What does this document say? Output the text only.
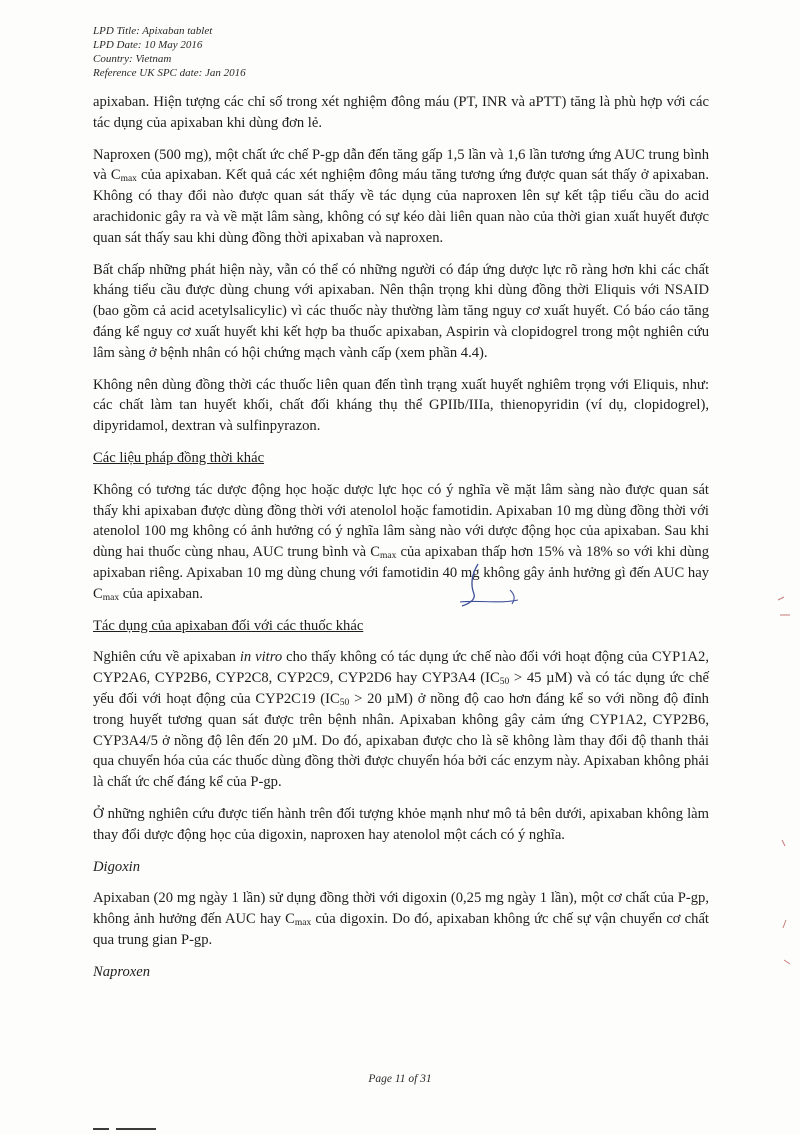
LPD Title: Apixaban tablet
LPD Date: 10 May 2016
Country: Vietnam
Reference UK SPC date: Jan 2016

apixaban. Hiện tượng các chỉ số trong xét nghiệm đông máu (PT, INR và aPTT) tăng là phù hợp với các tác dụng của apixaban khi dùng đơn lẻ.

Naproxen (500 mg), một chất ức chế P-gp dẫn đến tăng gấp 1,5 lần và 1,6 lần tương ứng AUC trung bình và $C_{max}$ của apixaban. Kết quả các xét nghiệm đông máu tăng tương ứng được quan sát thấy ở apixaban. Không có thay đổi nào được quan sát thấy về tác dụng của naproxen lên sự kết tập tiểu cầu do acid arachidonic gây ra và về mặt lâm sàng, không có sự kéo dài liên quan nào của thời gian xuất huyết được quan sát thấy sau khi dùng đồng thời apixaban và naproxen.

Bất chấp những phát hiện này, vẫn có thể có những người có đáp ứng dược lực rõ ràng hơn khi các chất kháng tiểu cầu được dùng chung với apixaban. Nên thận trọng khi dùng đồng thời Eliquis với NSAID (bao gồm cả acid acetylsalicylic) vì các thuốc này thường làm tăng nguy cơ xuất huyết. Có báo cáo tăng đáng kể nguy cơ xuất huyết khi kết hợp ba thuốc apixaban, Aspirin và clopidogrel trong một nghiên cứu lâm sàng ở bệnh nhân có hội chứng mạch vành cấp (xem phần 4.4).

Không nên dùng đồng thời các thuốc liên quan đến tình trạng xuất huyết nghiêm trọng với Eliquis, như: các chất làm tan huyết khối, chất đối kháng thụ thể GPIIb/IIIa, thienopyridin (ví dụ, clopidogrel), dipyridamol, dextran và sulfinpyrazon.

Các liệu pháp đồng thời khác

Không có tương tác dược động học hoặc dược lực học có ý nghĩa về mặt lâm sàng nào được quan sát thấy khi apixaban được dùng đồng thời với atenolol hoặc famotidin. Apixaban 10 mg dùng đồng thời với atenolol 100 mg không có ảnh hưởng có ý nghĩa lâm sàng nào với dược động học của apixaban. Sau khi dùng hai thuốc cùng nhau, AUC trung bình và $C_{max}$ của apixaban thấp hơn 15% và 18% so với khi dùng apixaban riêng. Apixaban 10 mg dùng chung với famotidin 40 mg không gây ảnh hưởng gì đến AUC hay $C_{max}$ của apixaban.

Tác dụng của apixaban đối với các thuốc khác

Nghiên cứu về apixaban in vitro cho thấy không có tác dụng ức chế nào đối với hoạt động của CYP1A2, CYP2A6, CYP2B6, CYP2C8, CYP2C9, CYP2D6 hay CYP3A4 ($IC_{50} > 45$ µM) và có tác dụng ức chế yếu đối với hoạt động của CYP2C19 ($IC_{50} > 20$ µM) ở nồng độ cao hơn đáng kể so với nồng độ đỉnh trong huyết tương quan sát được trên bệnh nhân. Apixaban không gây cảm ứng CYP1A2, CYP2B6, CYP3A4/5 ở nồng độ lên đến 20 µM. Do đó, apixaban được cho là sẽ không làm thay đổi độ thanh thải qua chuyển hóa của các thuốc dùng đồng thời được chuyển hóa bởi các enzym này. Apixaban không phải là chất ức chế đáng kể của P-gp.

Ở những nghiên cứu được tiến hành trên đối tượng khỏe mạnh như mô tả bên dưới, apixaban không làm thay đổi dược động học của digoxin, naproxen hay atenolol một cách có ý nghĩa.

Digoxin

Apixaban (20 mg ngày 1 lần) sử dụng đồng thời với digoxin (0,25 mg ngày 1 lần), một cơ chất của P-gp, không ảnh hưởng đến AUC hay $C_{max}$ của digoxin. Do đó, apixaban không ức chế sự vận chuyển cơ chất qua trung gian P-gp.

Naproxen

Page 11 of 31
